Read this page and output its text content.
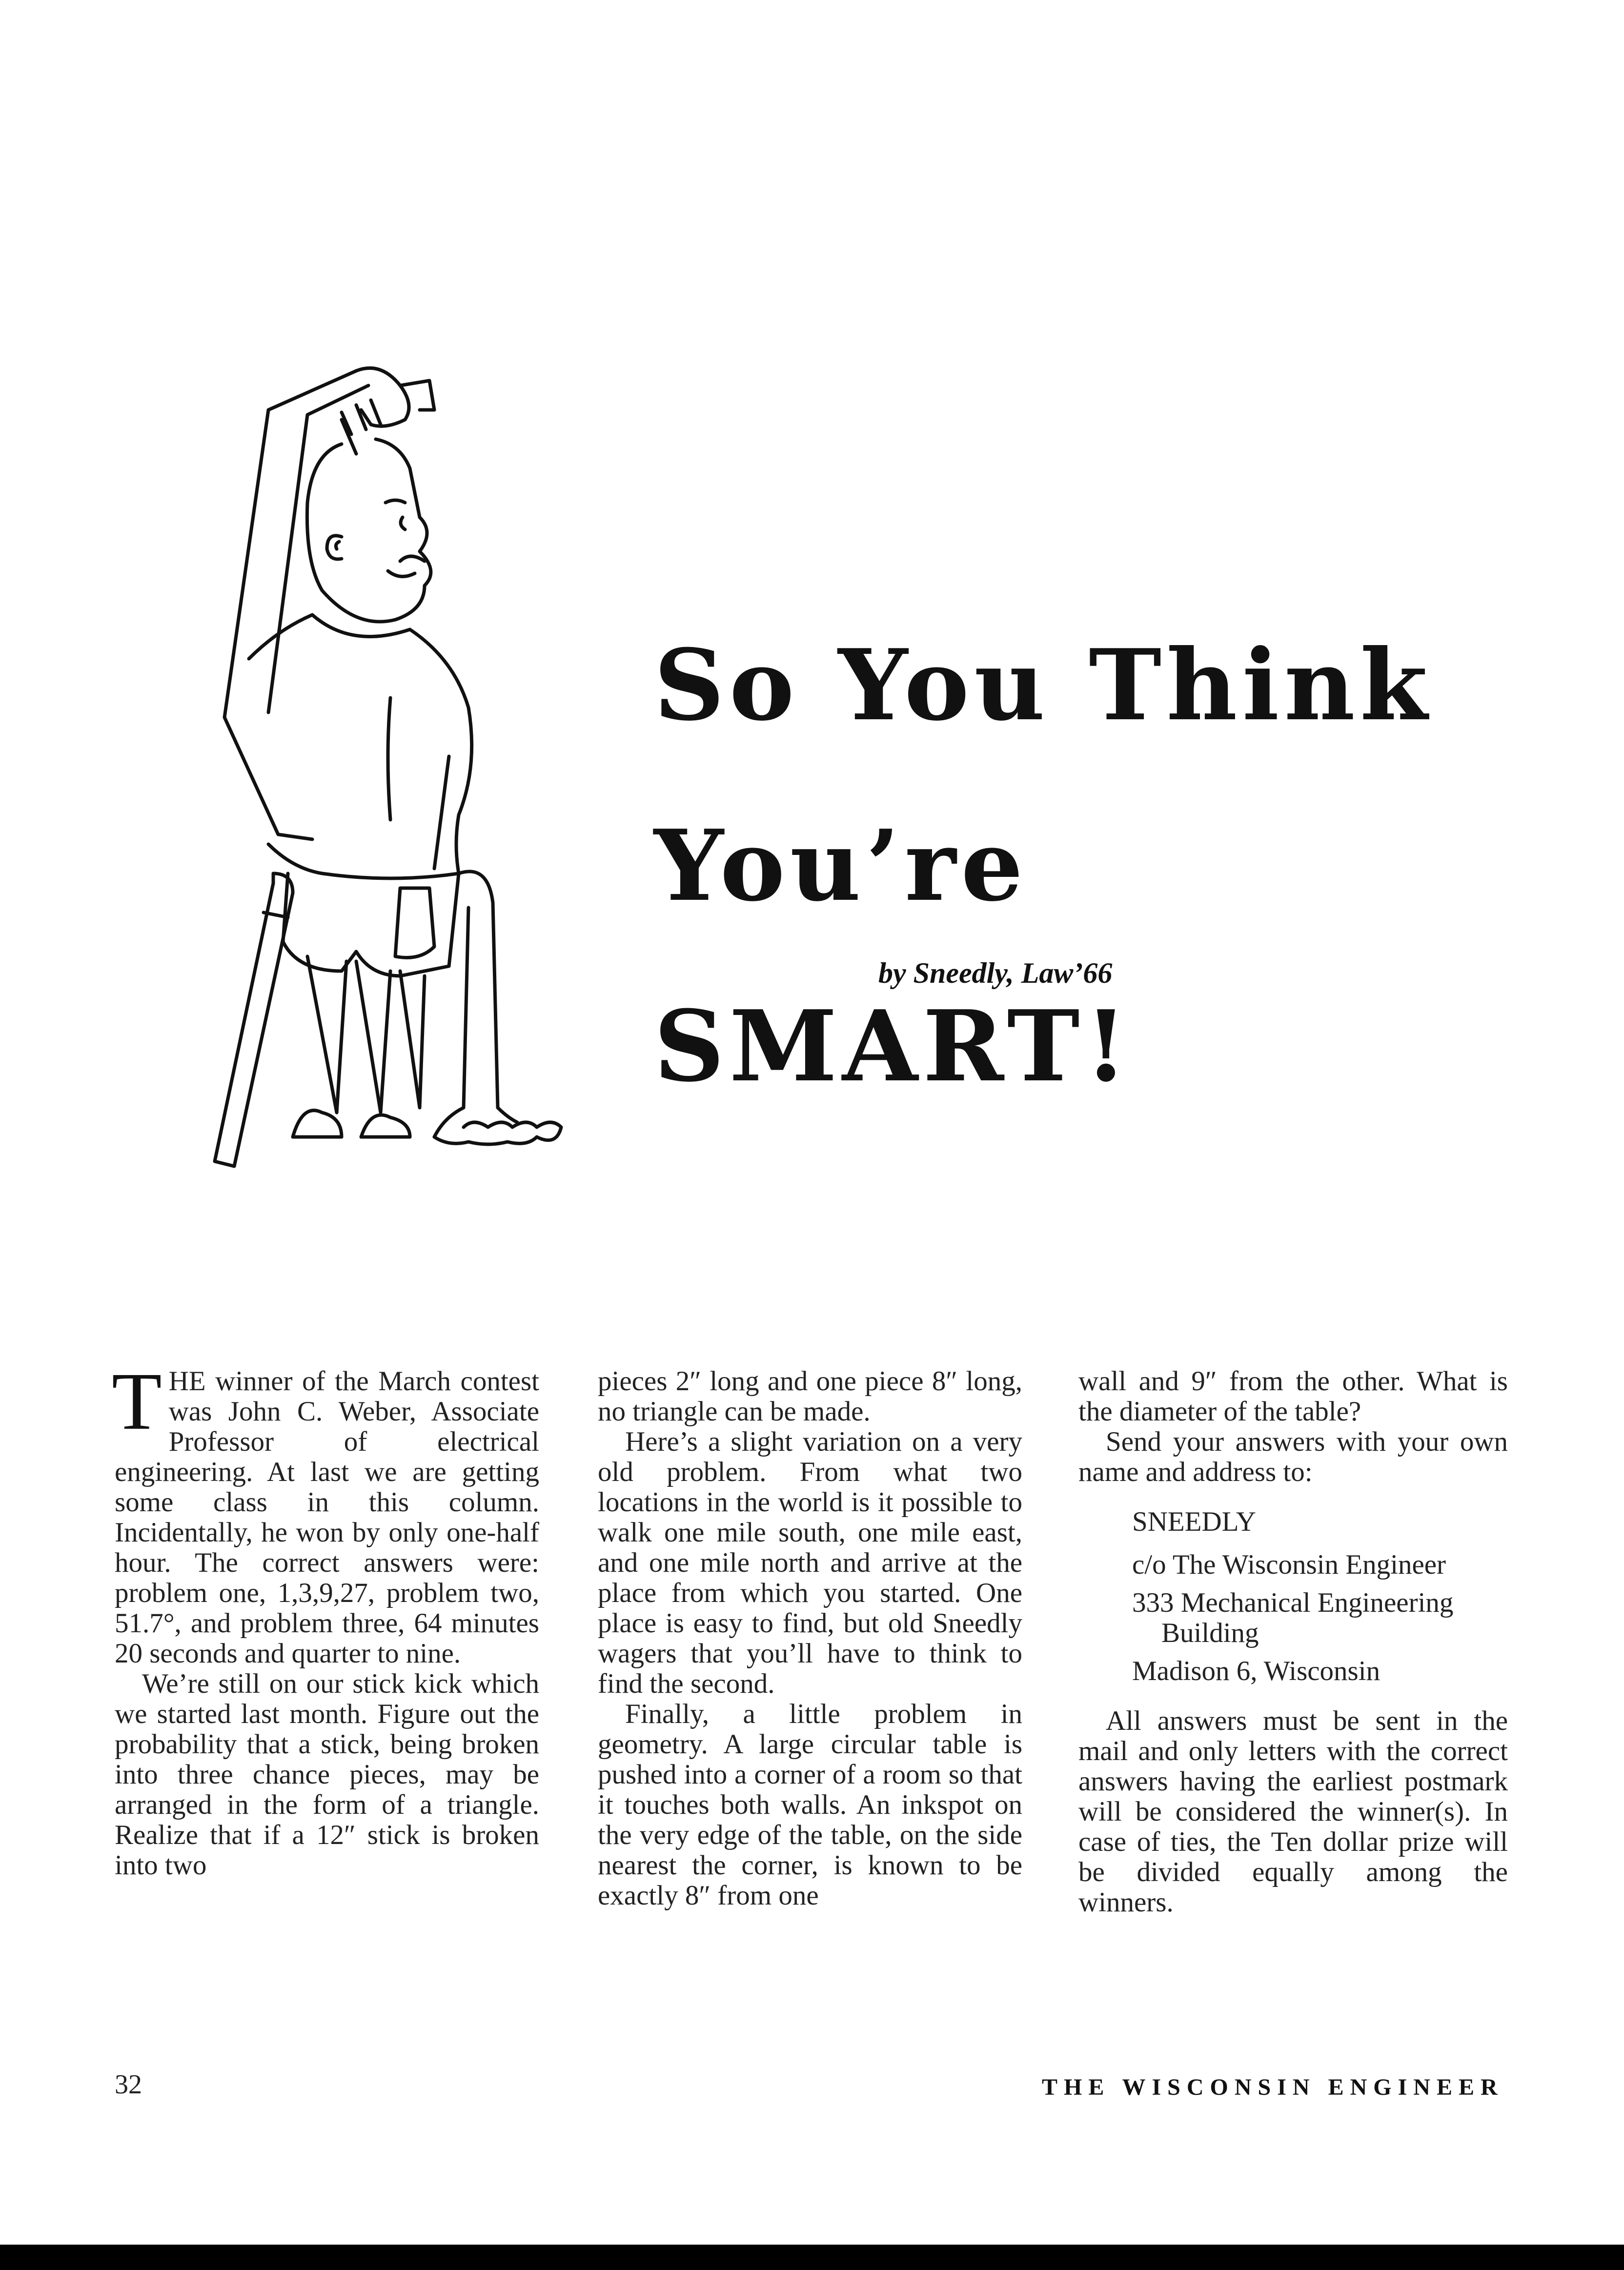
So You Think
You’re SMART!
by Sneedly, Law’66

THE winner of the March contest was John C. Weber, Associate Professor of electrical engineering. At last we are getting some class in this column. Incidentally, he won by only one-half hour. The correct answers were: problem one, 1,3,9,27, problem two, 51.7°, and problem three, 64 minutes 20 seconds and quarter to nine.

We’re still on our stick kick which we started last month. Figure out the probability that a stick, being broken into three chance pieces, may be arranged in the form of a triangle. Realize that if a 12″ stick is broken into two

pieces 2″ long and one piece 8″ long, no triangle can be made.

Here’s a slight variation on a very old problem. From what two locations in the world is it possible to walk one mile south, one mile east, and one mile north and arrive at the place from which you started. One place is easy to find, but old Sneedly wagers that you’ll have to think to find the second.

Finally, a little problem in geometry. A large circular table is pushed into a corner of a room so that it touches both walls. An inkspot on the very edge of the table, on the side nearest the corner, is known to be exactly 8″ from one

wall and 9″ from the other. What is the diameter of the table?

Send your answers with your own name and address to:

SNEEDLY
c/o The Wisconsin Engineer
333 Mechanical Engineering
Building
Madison 6, Wisconsin

All answers must be sent in the mail and only letters with the correct answers having the earliest postmark will be considered the winner(s). In case of ties, the Ten dollar prize will be divided equally among the winners.

32	THE WISCONSIN ENGINEER
